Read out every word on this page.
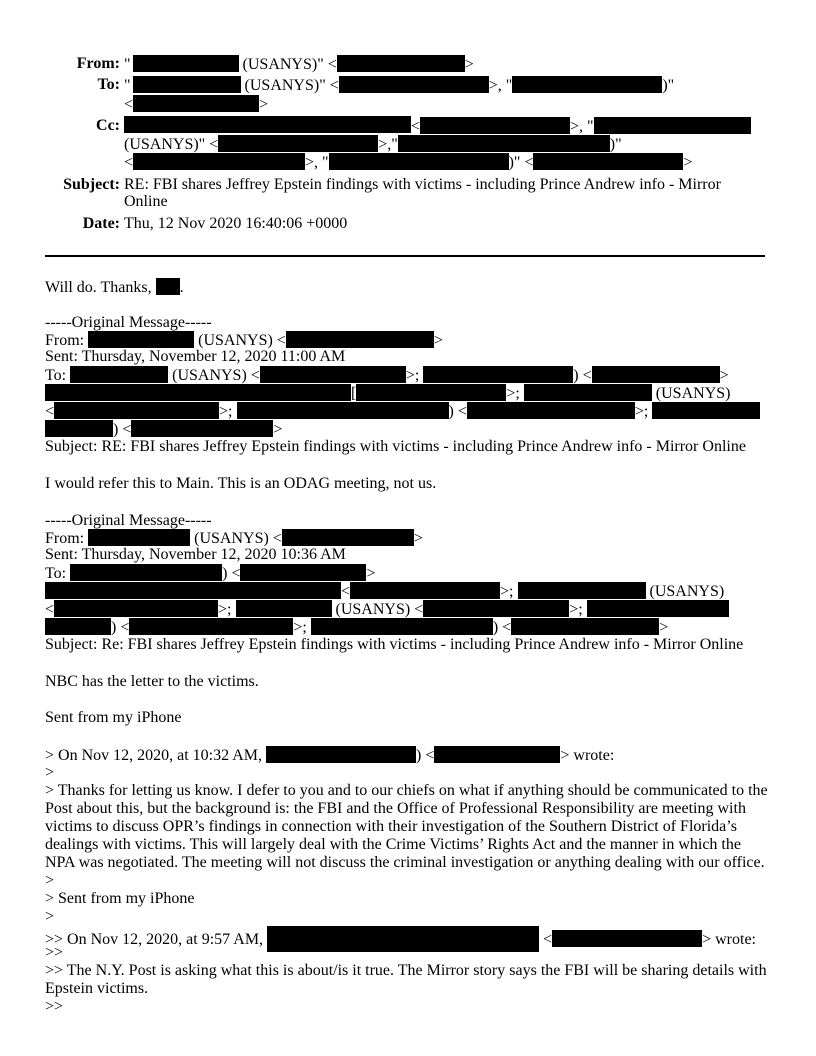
From: "	(USANYS)" <	>
To: "	(USANYS)" <	>, "	)"
<	>
Cc:	<	>, "
(USANYS)" <	>,"	)"
<	>, "	)" <	>
Subject: RE: FBI shares Jeffrey Epstein findings with victims - including Prince Andrew info - Mirror
Online
Date: Thu, 12 Nov 2020 16:40:06 +0000
Will do. Thanks, .
-----Original Message-----
From:	(USANYS) <	>
Sent: Thursday, November 12, 2020 11:00 AM
To:	(USANYS) <	>;	) <	>
[	>;	(USANYS)
<	>;	) <	>;
) <	>
Subject: RE: FBI shares Jeffrey Epstein findings with victims - including Prince Andrew info - Mirror Online
I would refer this to Main. This is an ODAG meeting, not us.
-----Original Message-----
From:	(USANYS) <	>
Sent: Thursday, November 12, 2020 10:36 AM
To:	) <	>
<	>;	(USANYS)
<	>;	(USANYS) <	>;
) <	>;	) <	>
Subject: Re: FBI shares Jeffrey Epstein findings with victims - including Prince Andrew info - Mirror Online
NBC has the letter to the victims.
Sent from my iPhone
> On Nov 12, 2020, at 10:32 AM,	) <	> wrote:
>
> Thanks for letting us know. I defer to you and to our chiefs on what if anything should be communicated to the
Post about this, but the background is: the FBI and the Office of Professional Responsibility are meeting with
victims to discuss OPR’s findings in connection with their investigation of the Southern District of Florida’s
dealings with victims. This will largely deal with the Crime Victims’ Rights Act and the manner in which the
NPA was negotiated. The meeting will not discuss the criminal investigation or anything dealing with our office.
>
> Sent from my iPhone
>
>> On Nov 12, 2020, at 9:57 AM,	<	> wrote:
>>
>> The N.Y. Post is asking what this is about/is it true. The Mirror story says the FBI will be sharing details with
Epstein victims.
>>
